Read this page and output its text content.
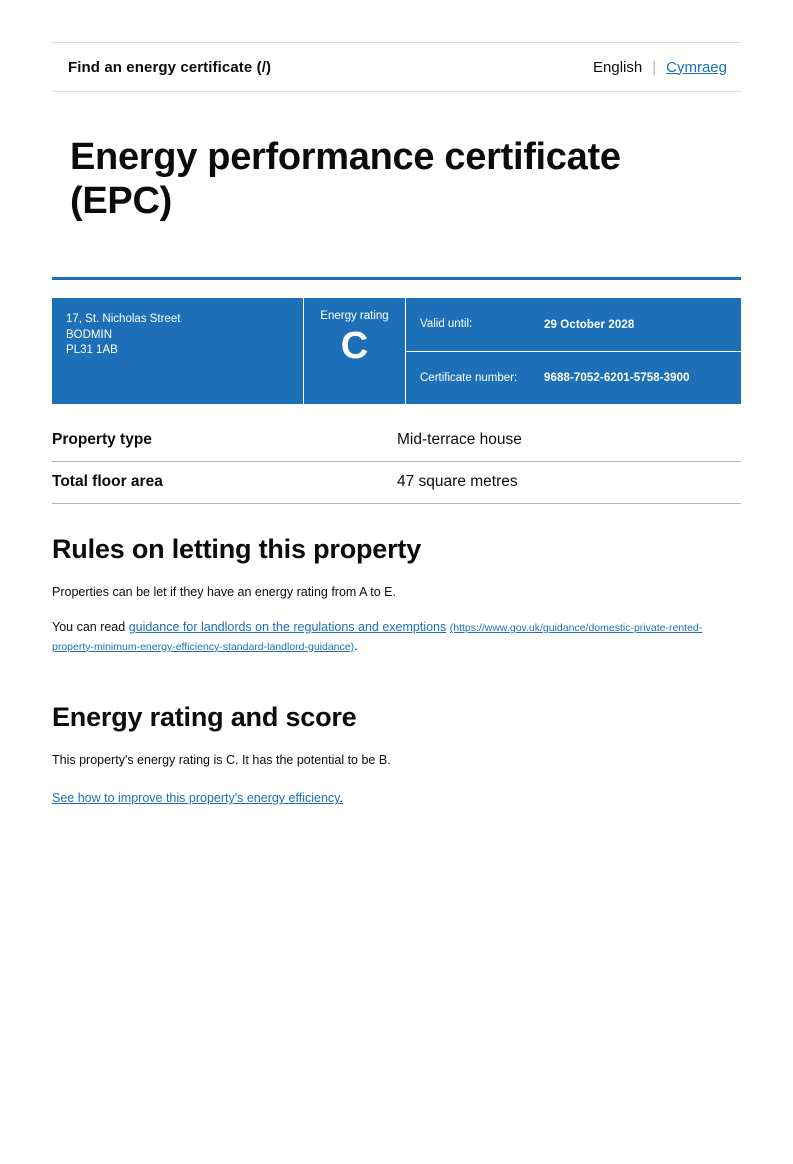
Find an energy certificate (/)	English | Cymraeg
Energy performance certificate (EPC)
17, St. Nicholas Street
BODMIN
PL31 1AB
Energy rating
C
Valid until:	29 October 2028
Certificate number:	9688-7052-6201-5758-3900
Property type	Mid-terrace house
Total floor area	47 square metres
Rules on letting this property

Properties can be let if they have an energy rating from A to E.

You can read guidance for landlords on the regulations and exemptions (https://www.gov.uk/guidance/domestic-private-rented-property-minimum-energy-efficiency-standard-landlord-guidance).

Energy rating and score

This property's energy rating is C. It has the potential to be B.

See how to improve this property's energy efficiency.
